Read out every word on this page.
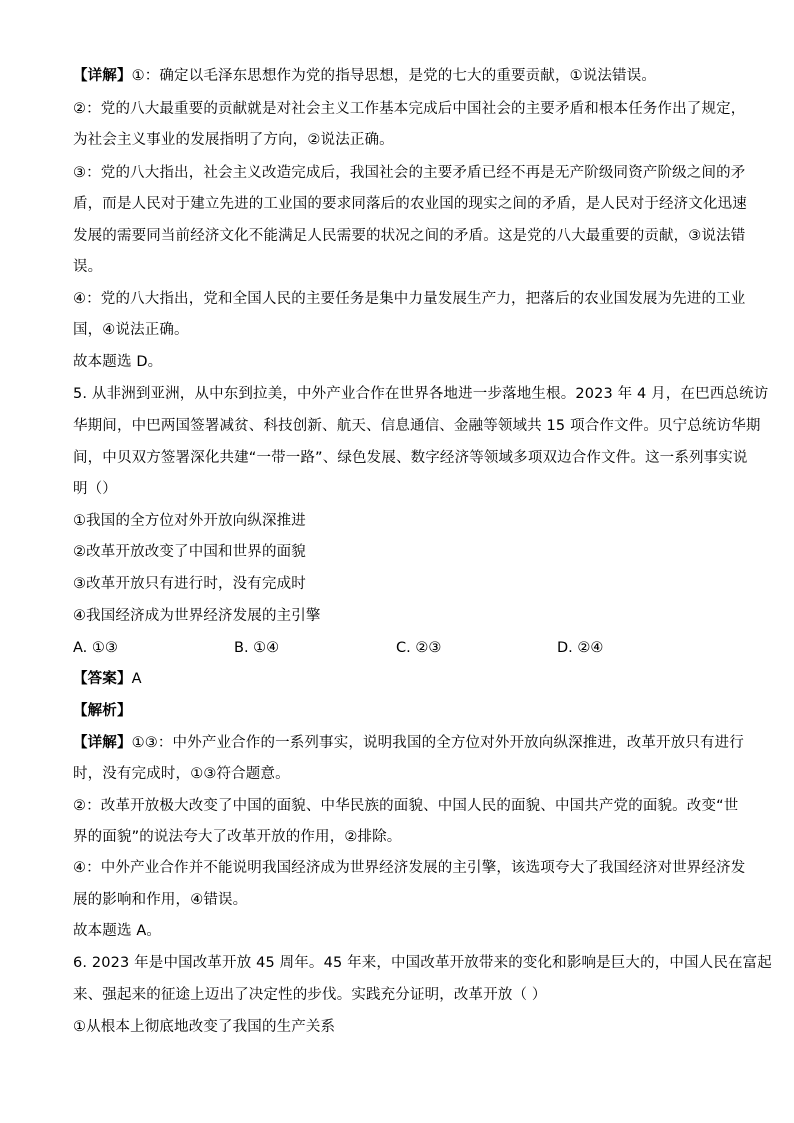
【详解】①：确定以毛泽东思想作为党的指导思想，是党的七大的重要贡献，①说法错误。
②：党的八大最重要的贡献就是对社会主义工作基本完成后中国社会的主要矛盾和根本任务作出了规定，
为社会主义事业的发展指明了方向，②说法正确。
③：党的八大指出，社会主义改造完成后，我国社会的主要矛盾已经不再是无产阶级同资产阶级之间的矛
盾，而是人民对于建立先进的工业国的要求同落后的农业国的现实之间的矛盾，是人民对于经济文化迅速
发展的需要同当前经济文化不能满足人民需要的状况之间的矛盾。这是党的八大最重要的贡献，③说法错
误。
④：党的八大指出，党和全国人民的主要任务是集中力量发展生产力，把落后的农业国发展为先进的工业
国，④说法正确。
故本题选 D。
5. 从非洲到亚洲，从中东到拉美，中外产业合作在世界各地进一步落地生根。2023 年 4 月，在巴西总统访
华期间，中巴两国签署减贫、科技创新、航天、信息通信、金融等领域共 15 项合作文件。贝宁总统访华期
间，中贝双方签署深化共建“一带一路”、绿色发展、数字经济等领域多项双边合作文件。这一系列事实说
明（）
①我国的全方位对外开放向纵深推进
②改革开放改变了中国和世界的面貌
③改革开放只有进行时，没有完成时
④我国经济成为世界经济发展的主引擎
A. ①③	B. ①④	C. ②③	D. ②④
【答案】A
【解析】
【详解】①③：中外产业合作的一系列事实，说明我国的全方位对外开放向纵深推进，改革开放只有进行
时，没有完成时，①③符合题意。
②：改革开放极大改变了中国的面貌、中华民族的面貌、中国人民的面貌、中国共产党的面貌。改变“世
界的面貌”的说法夸大了改革开放的作用，②排除。
④：中外产业合作并不能说明我国经济成为世界经济发展的主引擎，该选项夸大了我国经济对世界经济发
展的影响和作用，④错误。
故本题选 A。
6. 2023 年是中国改革开放 45 周年。45 年来，中国改革开放带来的变化和影响是巨大的，中国人民在富起
来、强起来的征途上迈出了决定性的步伐。实践充分证明，改革开放（ ）
①从根本上彻底地改变了我国的生产关系
